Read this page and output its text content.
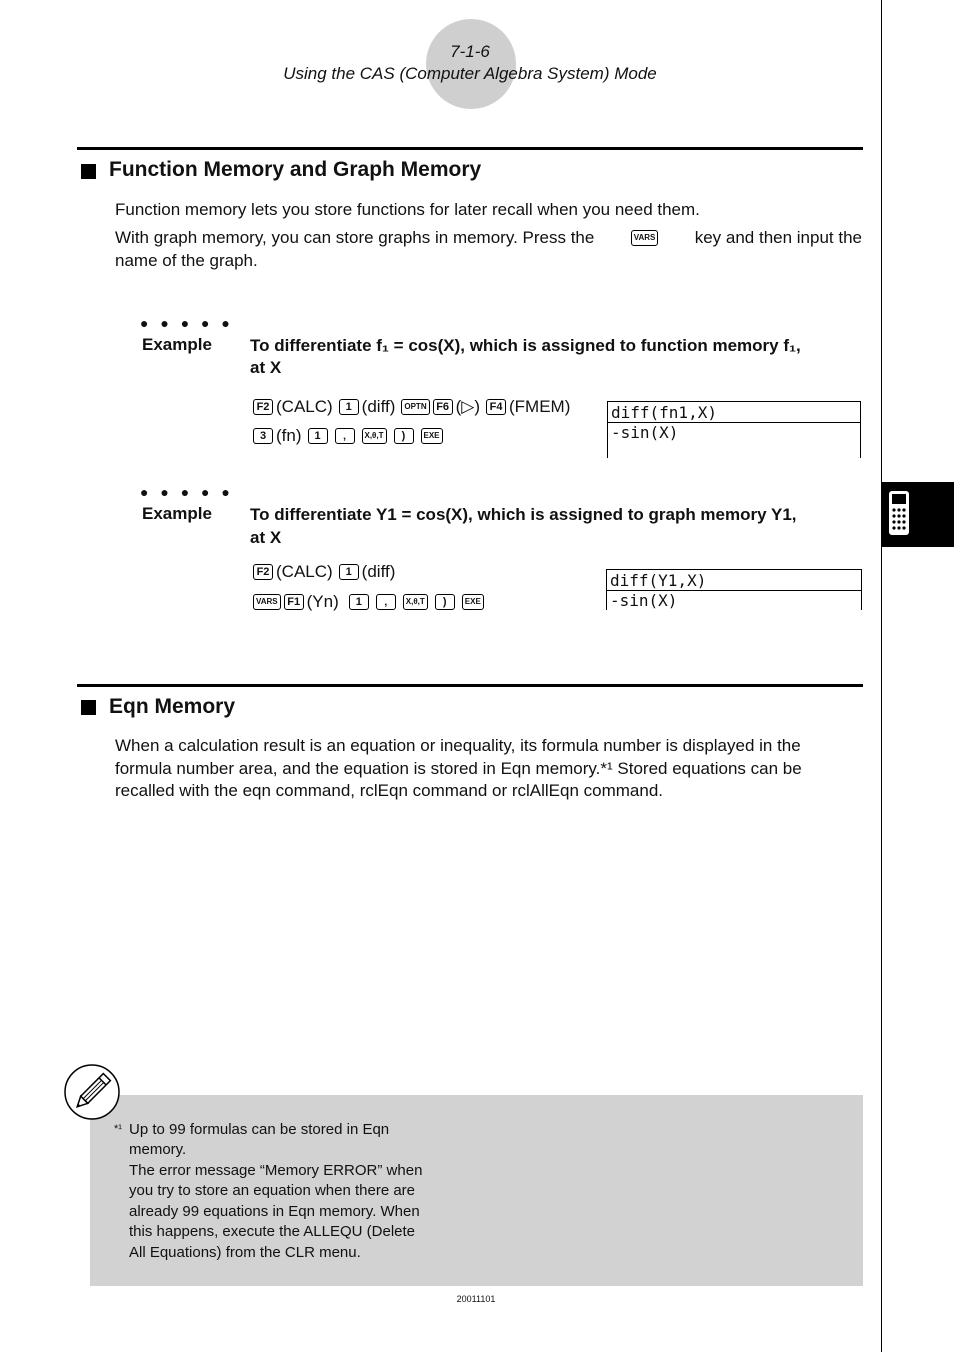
7-1-6
Using the CAS (Computer Algebra System) Mode
Function Memory and Graph Memory
Function memory lets you store functions for later recall when you need them.
With graph memory, you can store graphs in memory. Press the	VARS key and then input the
name of the graph.
● ● ● ● ●
Example To differentiate f₁ = cos(X), which is assigned to function memory f₁,
at X
F2 (CALC)	1 (diff)	OPTN F6 (▷) F4 (FMEM)
3 (fn)	1	‚	X,θ,T	)	EXE
diff(fn1,X)
-sin(X)
● ● ● ● ●
Example To differentiate Y1 = cos(X), which is assigned to graph memory Y1,
at X
F2 (CALC)	1 (diff)
VARS F1 (Yn)	1	‚	X,θ,T	)	EXE
diff(Y1,X)
-sin(X)
Eqn Memory
When a calculation result is an equation or inequality, its formula number is displayed in the
formula number area, and the equation is stored in Eqn memory.*¹ Stored equations can be
recalled with the eqn command, rclEqn command or rclAllEqn command.
*¹ Up to 99 formulas can be stored in Eqn
memory.
The error message “Memory ERROR” when
you try to store an equation when there are
already 99 equations in Eqn memory. When
this happens, execute the ALLEQU (Delete
All Equations) from the CLR menu.
20011101
